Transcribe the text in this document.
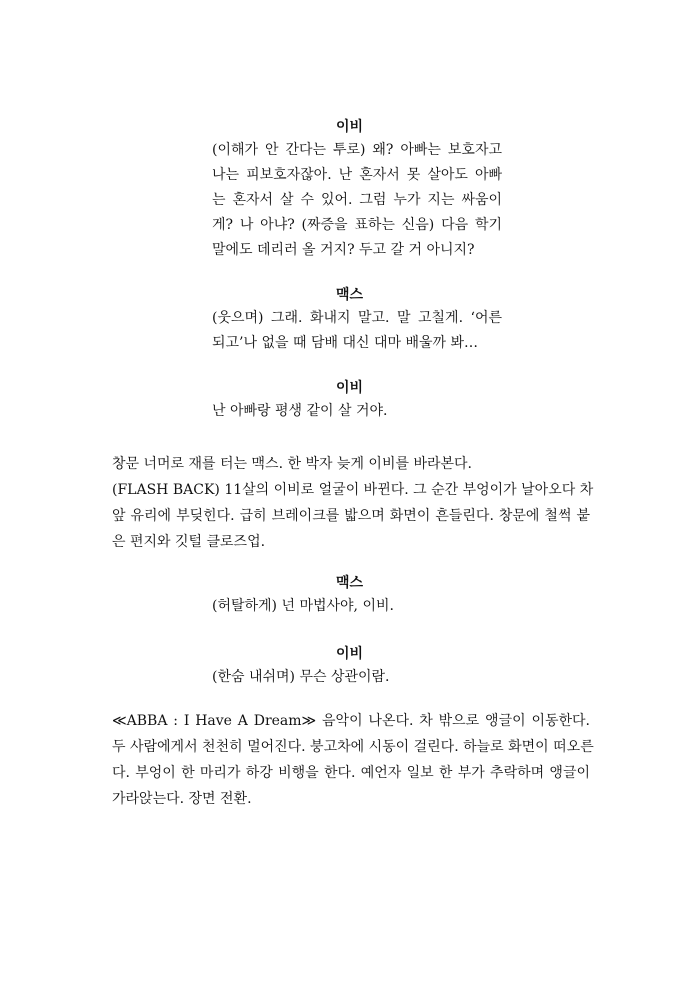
이비
(이해가 안 간다는 투로) 왜? 아빠는 보호자고
나는 피보호자잖아. 난 혼자서 못 살아도 아빠
는 혼자서 살 수 있어. 그럼 누가 지는 싸움이
게? 나 아냐? (짜증을 표하는 신음) 다음 학기
말에도 데리러 올 거지? 두고 갈 거 아니지?
맥스
(웃으며) 그래. 화내지 말고. 말 고칠게. ‘어른
되고’나 없을 때 담배 대신 대마 배울까 봐…
이비
난 아빠랑 평생 같이 살 거야.
창문 너머로 재를 터는 맥스. 한 박자 늦게 이비를 바라본다.
(FLASH BACK) 11살의 이비로 얼굴이 바뀐다. 그 순간 부엉이가 날아오다 차
앞 유리에 부딪힌다. 급히 브레이크를 밟으며 화면이 흔들린다. 창문에 철썩 붙
은 편지와 깃털 클로즈업.
맥스
(허탈하게) 넌 마법사야, 이비.
이비
(한숨 내쉬며) 무슨 상관이람.
≪ABBA : I Have A Dream≫ 음악이 나온다. 차 밖으로 앵글이 이동한다.
두 사람에게서 천천히 멀어진다. 붕고차에 시동이 걸린다. 하늘로 화면이 떠오른
다. 부엉이 한 마리가 하강 비행을 한다. 예언자 일보 한 부가 추락하며 앵글이
가라앉는다. 장면 전환.
